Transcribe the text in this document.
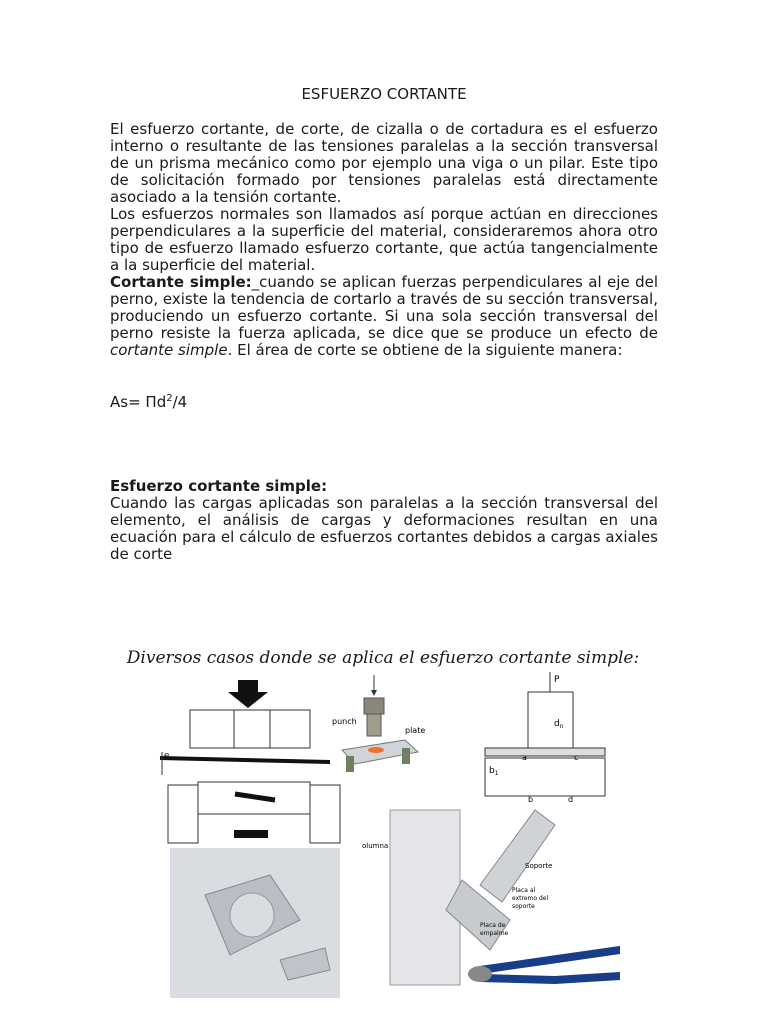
ESFUERZO CORTANTE

El esfuerzo cortante, de corte, de cizalla o de cortadura es el esfuerzo interno o resultante de las tensiones paralelas a la sección transversal de un prisma mecánico como por ejemplo una viga o un pilar. Este tipo de solicitación formado por tensiones paralelas está directamente asociado a la tensión cortante.

Los esfuerzos normales son llamados así porque actúan en direcciones perpendiculares a la superficie del material, consideraremos ahora otro tipo de esfuerzo llamado esfuerzo cortante, que actúa tangencialmente a la superficie del material.

Cortante simple:_cuando se aplican fuerzas perpendiculares al eje del perno, existe la tendencia de cortarlo a través de su sección transversal, produciendo un esfuerzo cortante. Si una sola sección transversal del perno resiste la fuerza aplicada, se dice que se produce un efecto de cortante simple. El área de corte se obtiene de la siguiente manera:

$As= \Pi d^2/4$

Esfuerzo cortante simple:
Cuando las cargas aplicadas son paralelas a la sección transversal del elemento, el análisis de cargas y deformaciones resultan en una ecuación para el cálculo de esfuerzos cortantes debidos a cargas axiales de corte

Diversos casos donde se aplica el esfuerzo cortante simple:
e
punch
plate
P
$d_n$
$b_1$
a	c
b	d
olumna
Soporte
Placa al
extremo del
soporte
Placa de
empalme
